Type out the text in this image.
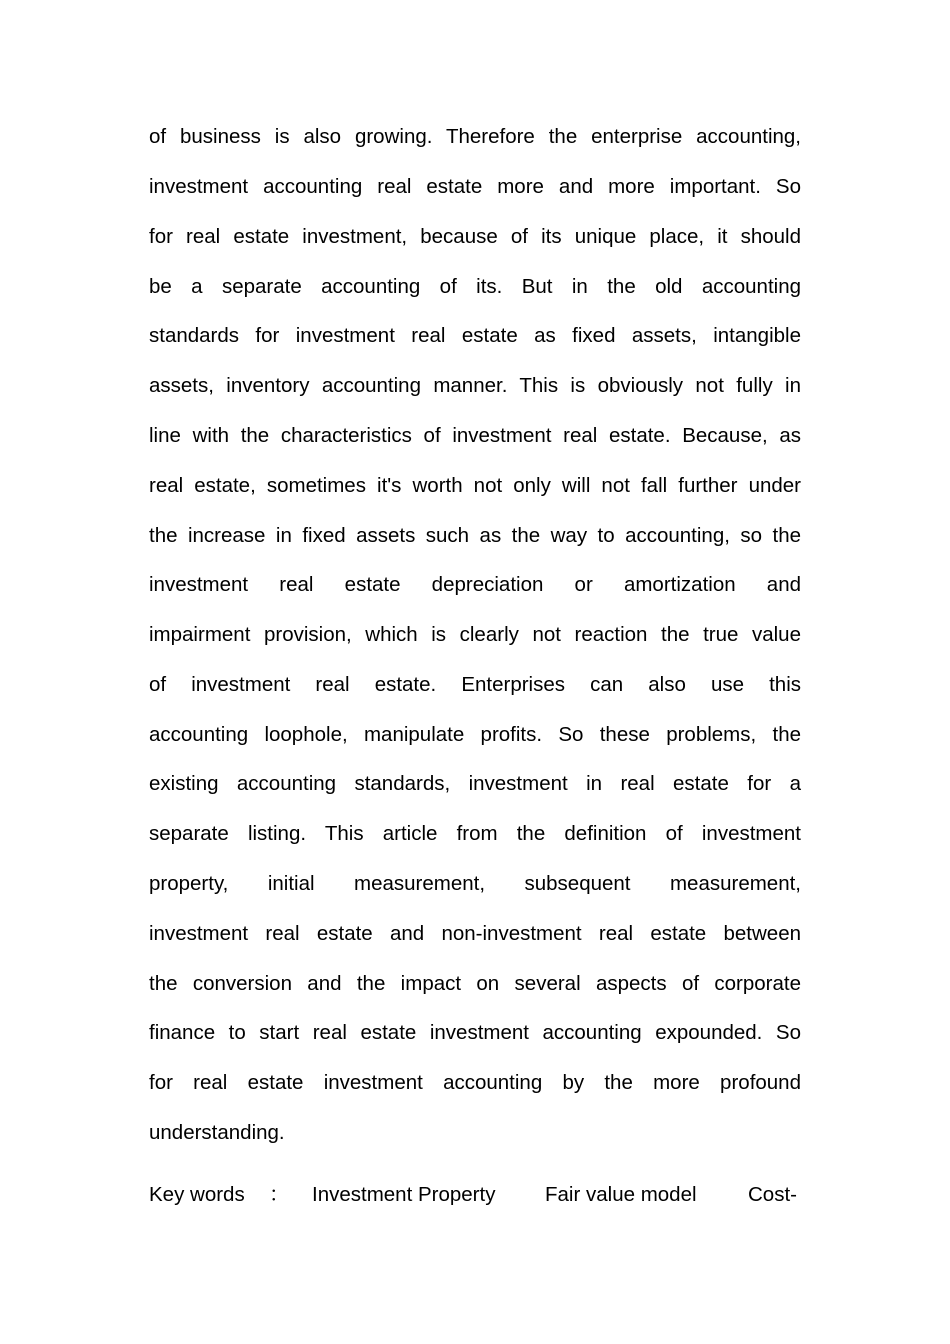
of business is also growing. Therefore the enterprise accounting,
investment accounting real estate more and more important. So
for real estate investment, because of its unique place, it should
be a separate accounting of its. But in the old accounting
standards for investment real estate as fixed assets, intangible
assets, inventory accounting manner. This is obviously not fully in
line with the characteristics of investment real estate. Because, as
real estate, sometimes it's worth not only will not fall further under
the increase in fixed assets such as the way to accounting, so the
investment real estate depreciation or amortization and
impairment provision, which is clearly not reaction the true value
of investment real estate. Enterprises can also use this
accounting loophole, manipulate profits. So these problems, the
existing accounting standards, investment in real estate for a
separate listing. This article from the definition of investment
property, initial measurement, subsequent measurement,
investment real estate and non-investment real estate between
the conversion and the impact on several aspects of corporate
finance to start real estate investment accounting expounded. So
for real estate investment accounting by the more profound
understanding.
Key words ： Investment Property Fair value model	Cost-
